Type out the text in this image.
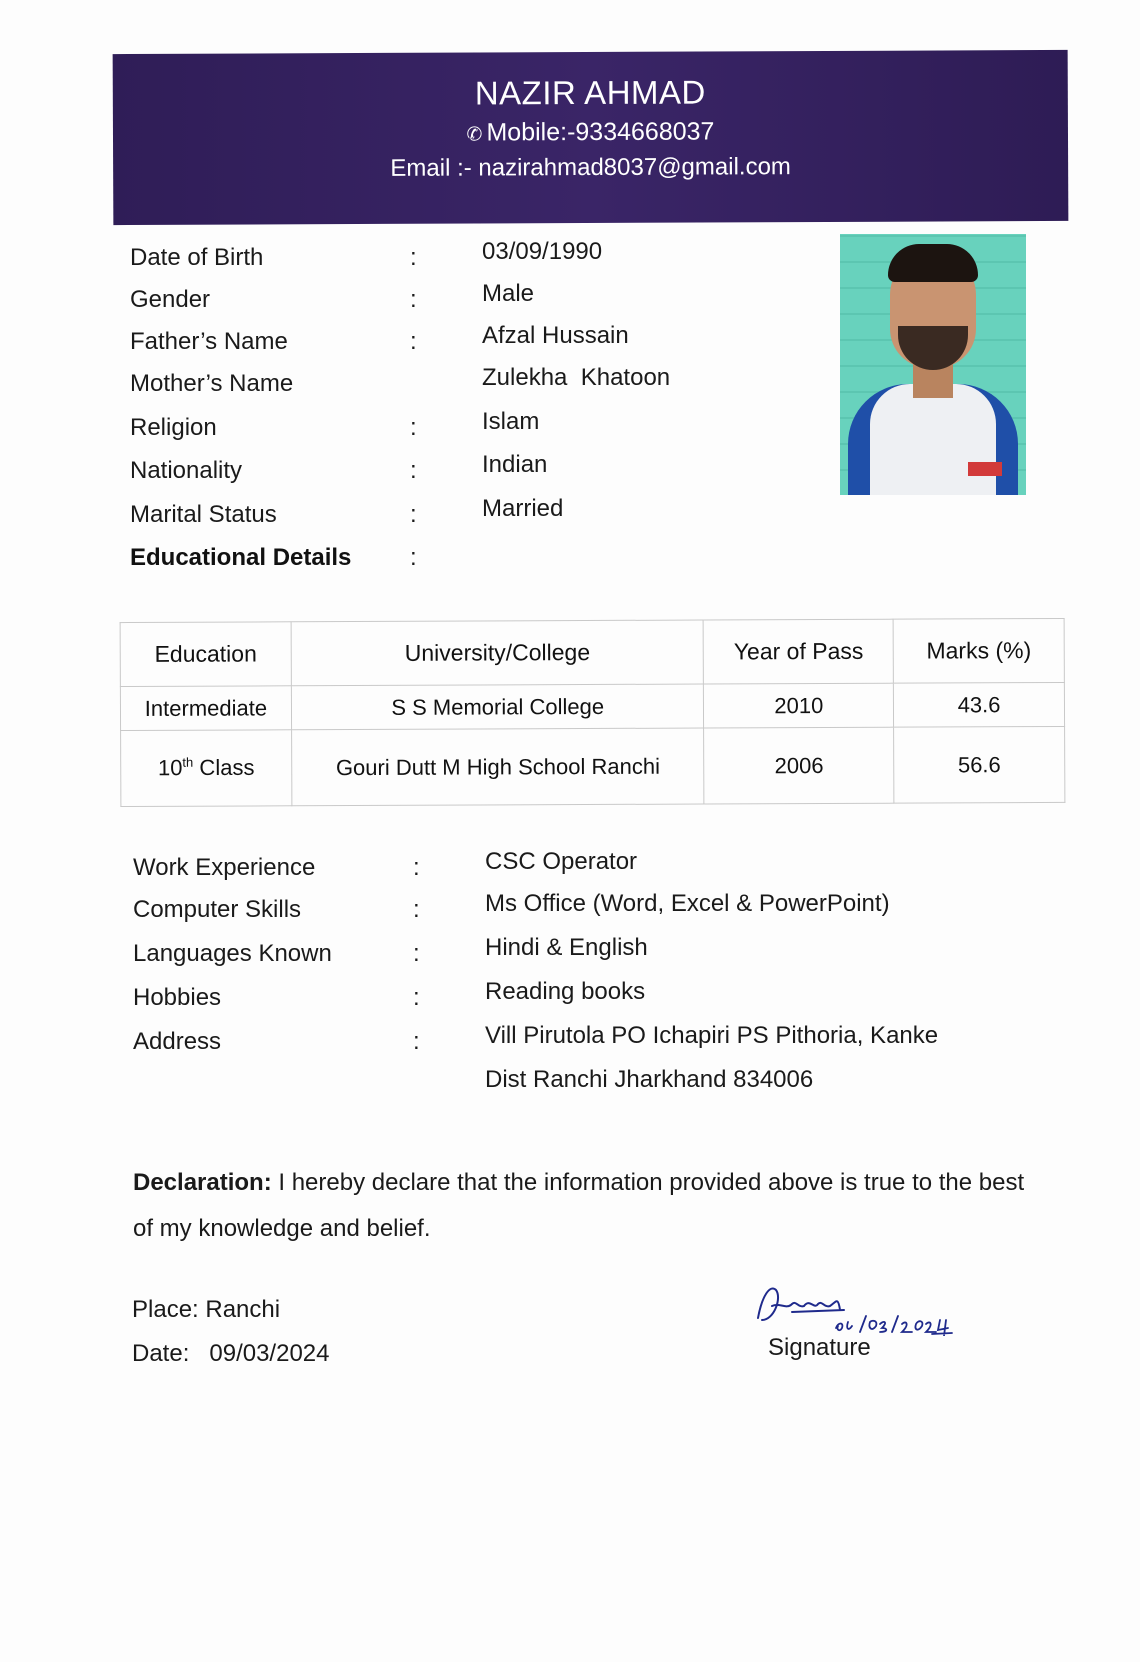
NAZIR AHMAD
✆ Mobile:-9334668037
Email :- nazirahmad8037@gmail.com
Date of Birth	:	03/09/1990
Gender	:	Male
Father’s Name	:	Afzal Hussain
Mother’s Name	Zulekha  Khatoon
Religion	:	Islam
Nationality	:	Indian
Marital Status	:	Married
Educational Details :
Education	University/College	Year of Pass	Marks (%)
Intermediate	S S Memorial College	2010	43.6
10th Class	Gouri Dutt M High School Ranchi	2006	56.6
Work Experience	:	CSC Operator
Computer Skills	:	Ms Office (Word, Excel & PowerPoint)
Languages Known	:	Hindi & English
Hobbies	:	Reading books
Address	:	Vill Pirutola PO Ichapiri PS Pithoria, Kanke
Dist Ranchi Jharkhand 834006
Declaration: I hereby declare that the information provided above is true to the best of my knowledge and belief.
Place: Ranchi
Date: 09/03/2024	Signature
